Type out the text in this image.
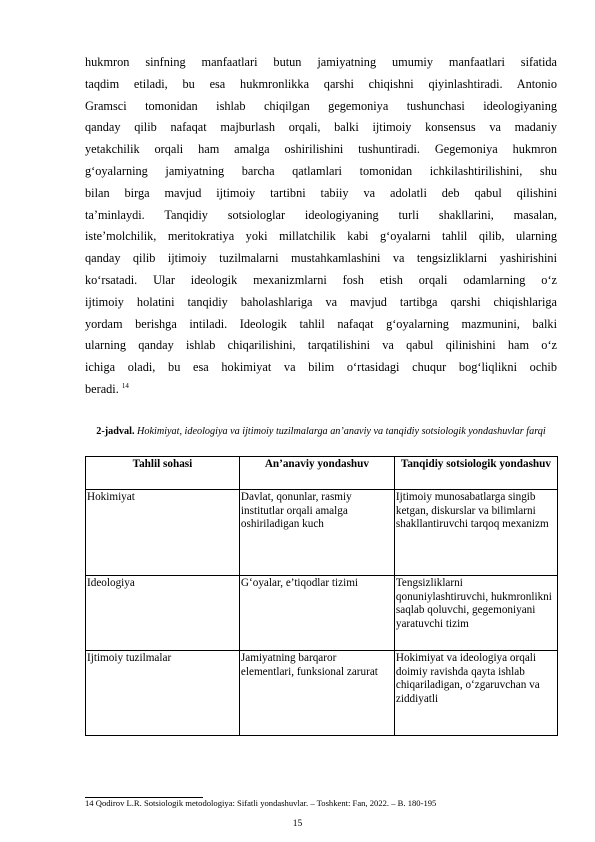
hukmron sinfning manfaatlari butun jamiyatning umumiy manfaatlari sifatida
taqdim etiladi, bu esa hukmronlikka qarshi chiqishni qiyinlashtiradi. Antonio
Gramsci tomonidan ishlab chiqilgan gegemoniya tushunchasi ideologiyaning
qanday qilib nafaqat majburlash orqali, balki ijtimoiy konsensus va madaniy
yetakchilik orqali ham amalga oshirilishini tushuntiradi. Gegemoniya hukmron
g‘oyalarning jamiyatning barcha qatlamlari tomonidan ichkilashtirilishini, shu
bilan birga mavjud ijtimoiy tartibni tabiiy va adolatli deb qabul qilishini
ta’minlaydi. Tanqidiy sotsiologlar ideologiyaning turli shakllarini, masalan,
iste’molchilik, meritokratiya yoki millatchilik kabi g‘oyalarni tahlil qilib, ularning
qanday qilib ijtimoiy tuzilmalarni mustahkamlashini va tengsizliklarni yashirishini
ko‘rsatadi. Ular ideologik mexanizmlarni fosh etish orqali odamlarning o‘z
ijtimoiy holatini tanqidiy baholashlariga va mavjud tartibga qarshi chiqishlariga
yordam berishga intiladi. Ideologik tahlil nafaqat g‘oyalarning mazmunini, balki
ularning qanday ishlab chiqarilishini, tarqatilishini va qabul qilinishini ham o‘z
ichiga oladi, bu esa hokimiyat va bilim o‘rtasidagi chuqur bog‘liqlikni ochib
beradi. $^{14}$
2-jadval. Hokimiyat, ideologiya va ijtimoiy tuzilmalarga an’anaviy va tanqidiy sotsiologik yondashuvlar farqi
Tahlil sohasi	An’anaviy yondashuv	Tanqidiy sotsiologik yondashuv
Hokimiyat	Davlat, qonunlar, rasmiy institutlar orqali amalga oshiriladigan kuch	Ijtimoiy munosabatlarga singib ketgan, diskurslar va bilimlarni shakllantiruvchi tarqoq mexanizm
Ideologiya	G‘oyalar, e’tiqodlar tizimi	Tengsizliklarni qonuniylashtiruvchi, hukmronlikni saqlab qoluvchi, gegemoniyani yaratuvchi tizim
Ijtimoiy tuzilmalar	Jamiyatning barqaror elementlari, funksional zarurat	Hokimiyat va ideologiya orqali doimiy ravishda qayta ishlab chiqariladigan, o‘zgaruvchan va ziddiyatli
14 Qodirov L.R. Sotsiologik metodologiya: Sifatli yondashuvlar. – Toshkent: Fan, 2022. – B. 180-195
15
